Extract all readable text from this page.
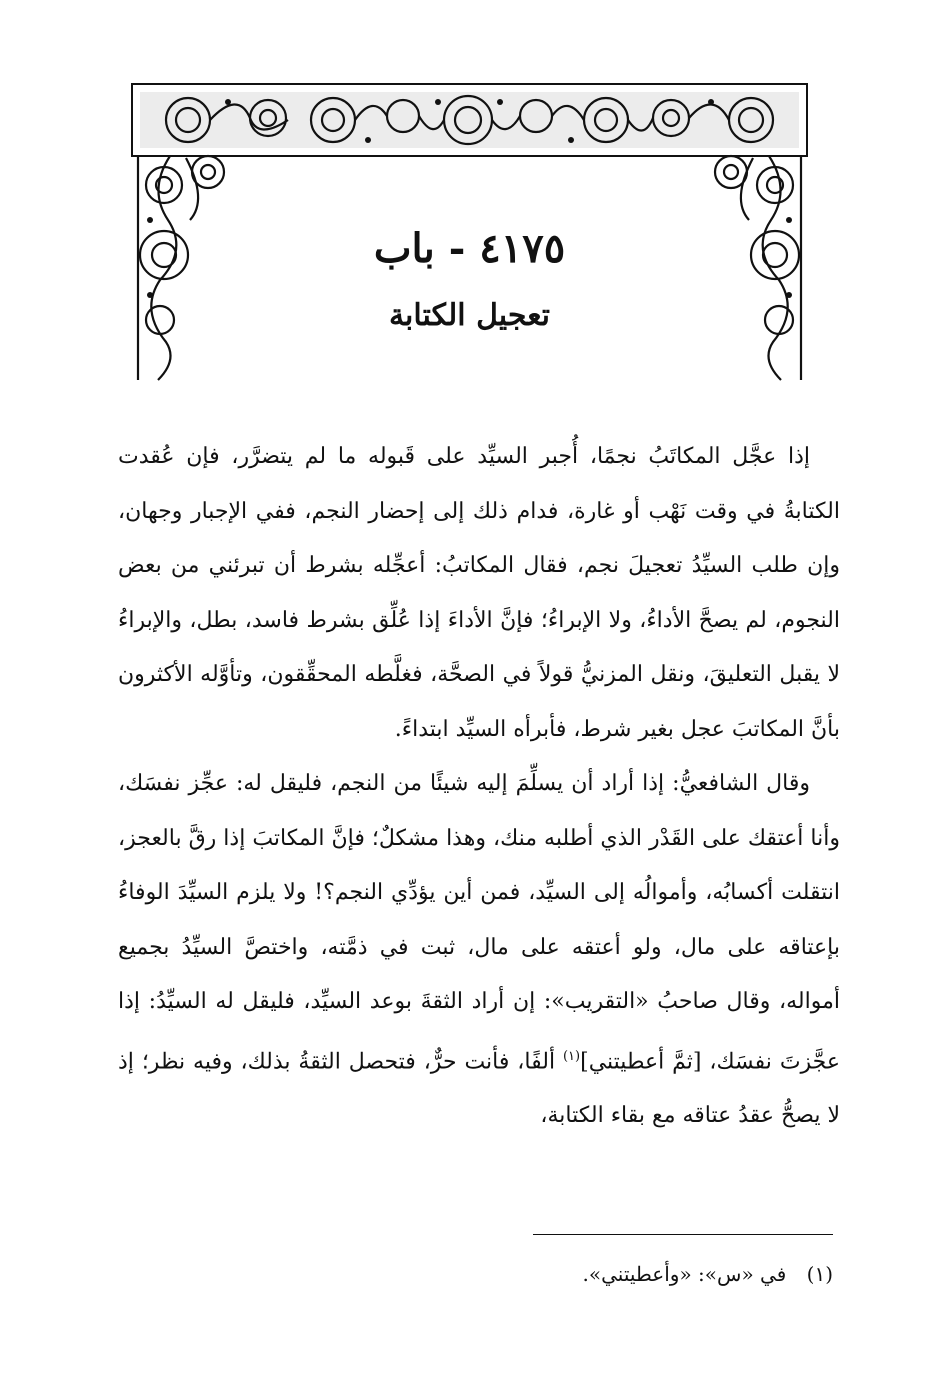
٤١٧٥ - باب
تعجيل الكتابة

إذا عجَّل المكاتَبُ نجمًا، أُجبر السيِّد على قَبوله ما لم يتضرَّر، فإن عُقدت الكتابةُ في وقت نَهْب أو غارة، فدام ذلك إلى إحضار النجم، ففي الإجبار وجهان، وإن طلب السيِّدُ تعجيلَ نجم، فقال المكاتبُ: أعجِّله بشرط أن تبرئني من بعض النجوم، لم يصحَّ الأداءُ، ولا الإبراءُ؛ فإنَّ الأداءَ إذا عُلِّق بشرط فاسد، بطل، والإبراءُ لا يقبل التعليقَ، ونقل المزنيُّ قولاً في الصحَّة، فغلَّطه المحقِّقون، وتأوَّله الأكثرون بأنَّ المكاتبَ عجل بغير شرط، فأبرأه السيِّد ابتداءً.

وقال الشافعيُّ: إذا أراد أن يسلِّمَ إليه شيئًا من النجم، فليقل له: عجِّز نفسَك، وأنا أعتقك على القَدْر الذي أطلبه منك، وهذا مشكلٌ؛ فإنَّ المكاتبَ إذا رقَّ بالعجز، انتقلت أكسابُه، وأموالُه إلى السيِّد، فمن أين يؤدِّي النجم؟! ولا يلزم السيِّدَ الوفاءُ بإعتاقه على مال، ولو أعتقه على مال، ثبت في ذمَّته، واختصَّ السيِّدُ بجميع أمواله، وقال صاحبُ «التقريب»: إن أراد الثقةَ بوعد السيِّد، فليقل له السيِّدُ: إذا عجَّزتَ نفسَك، [ثمَّ أعطيتني]$^{(١)}$ ألفًا، فأنت حرٌّ، فتحصل الثقةُ بذلك، وفيه نظر؛ إذ لا يصحُّ عقدُ عتاقه مع بقاء الكتابة،

(١) في «س»: «وأعطيتني».
